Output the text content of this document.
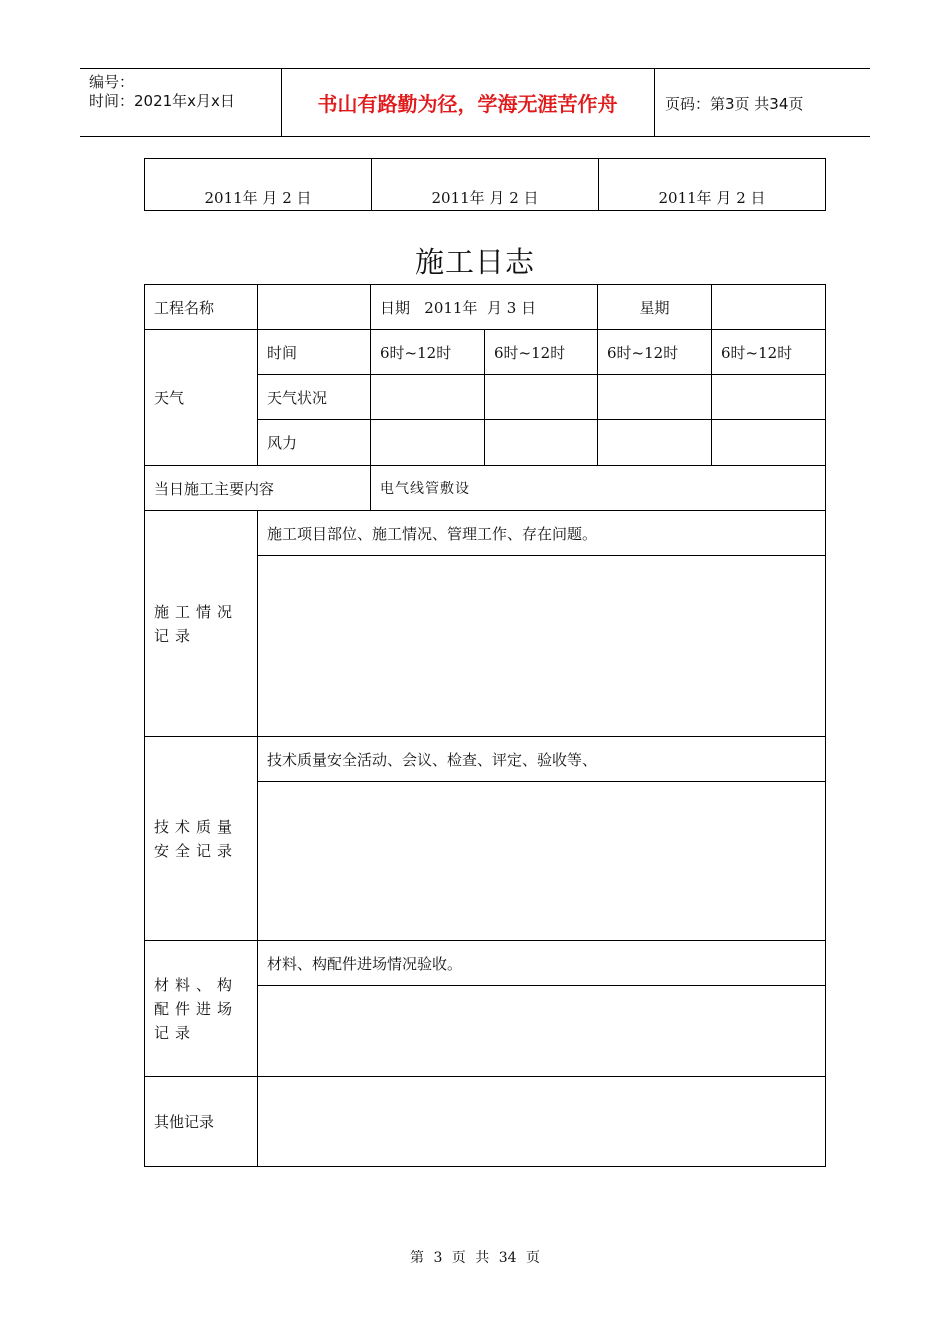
编号：
时间：2021年x月x日	书山有路勤为径，学海无涯苦作舟	页码：第3页 共34页
2011年 月 2 日	2011年 月 2 日	2011年 月 2 日
施工日志
工程名称		日期   2011年  月 3 日		星期	
天气	时间	6时~12时	6时~12时	6时~12时	6时~12时
	天气状况				
	风力				
当日施工主要内容		电气线管敷设			
施工情况记录	施工项目部位、施工情况、管理工作、存在问题。				

技术质量安全记录	技术质量安全活动、会议、检查、评定、验收等、				

材料、构配件进场记录	材料、构配件进场情况验收。				

其他记录					
第 3 页 共 34 页
